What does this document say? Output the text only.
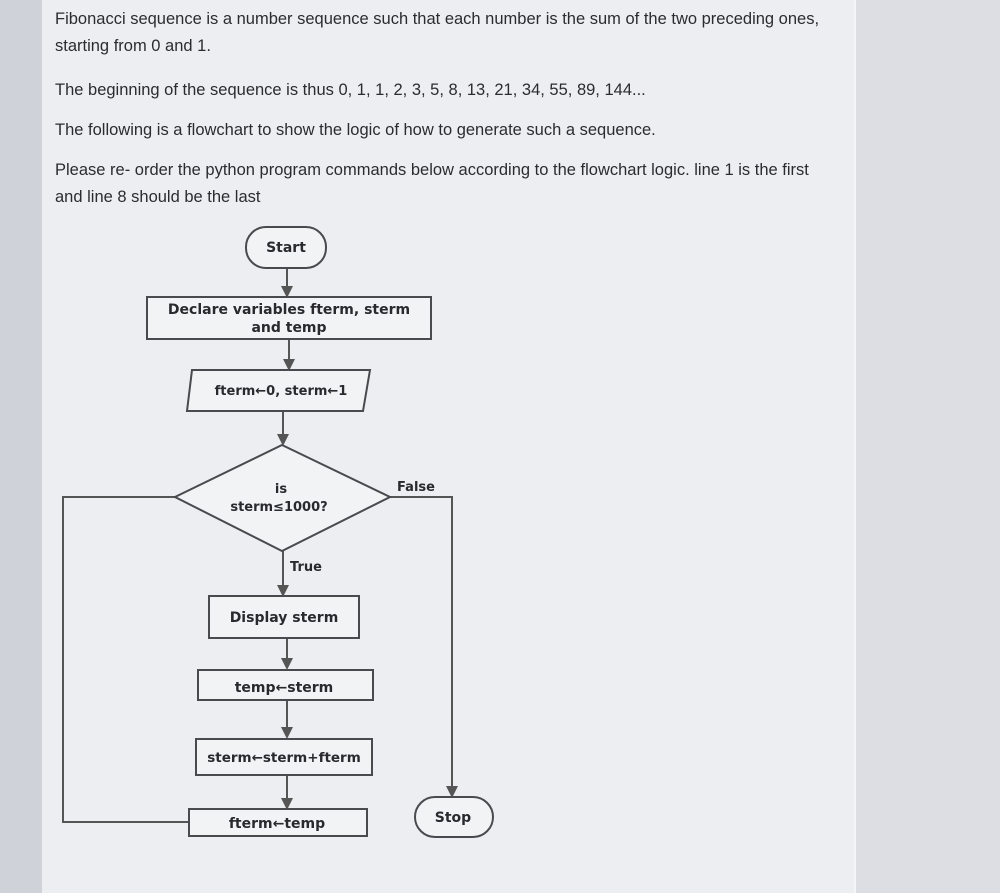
Fibonacci sequence is a number sequence such that each number is the sum of the two preceding ones, starting from 0 and 1.

The beginning of the sequence is thus 0, 1, 1, 2, 3, 5, 8, 13, 21, 34, 55, 89, 144...

The following is a flowchart to show the logic of how to generate such a sequence.

Please re- order the python program commands below according to the flowchart logic. line 1 is the first and line 8 should be the last

Start
Declare variables fterm, sterm
and temp
fterm←0, sterm←1
is
sterm≤1000?
False
True
Display sterm
temp←sterm
sterm←sterm+fterm
fterm←temp	Stop
